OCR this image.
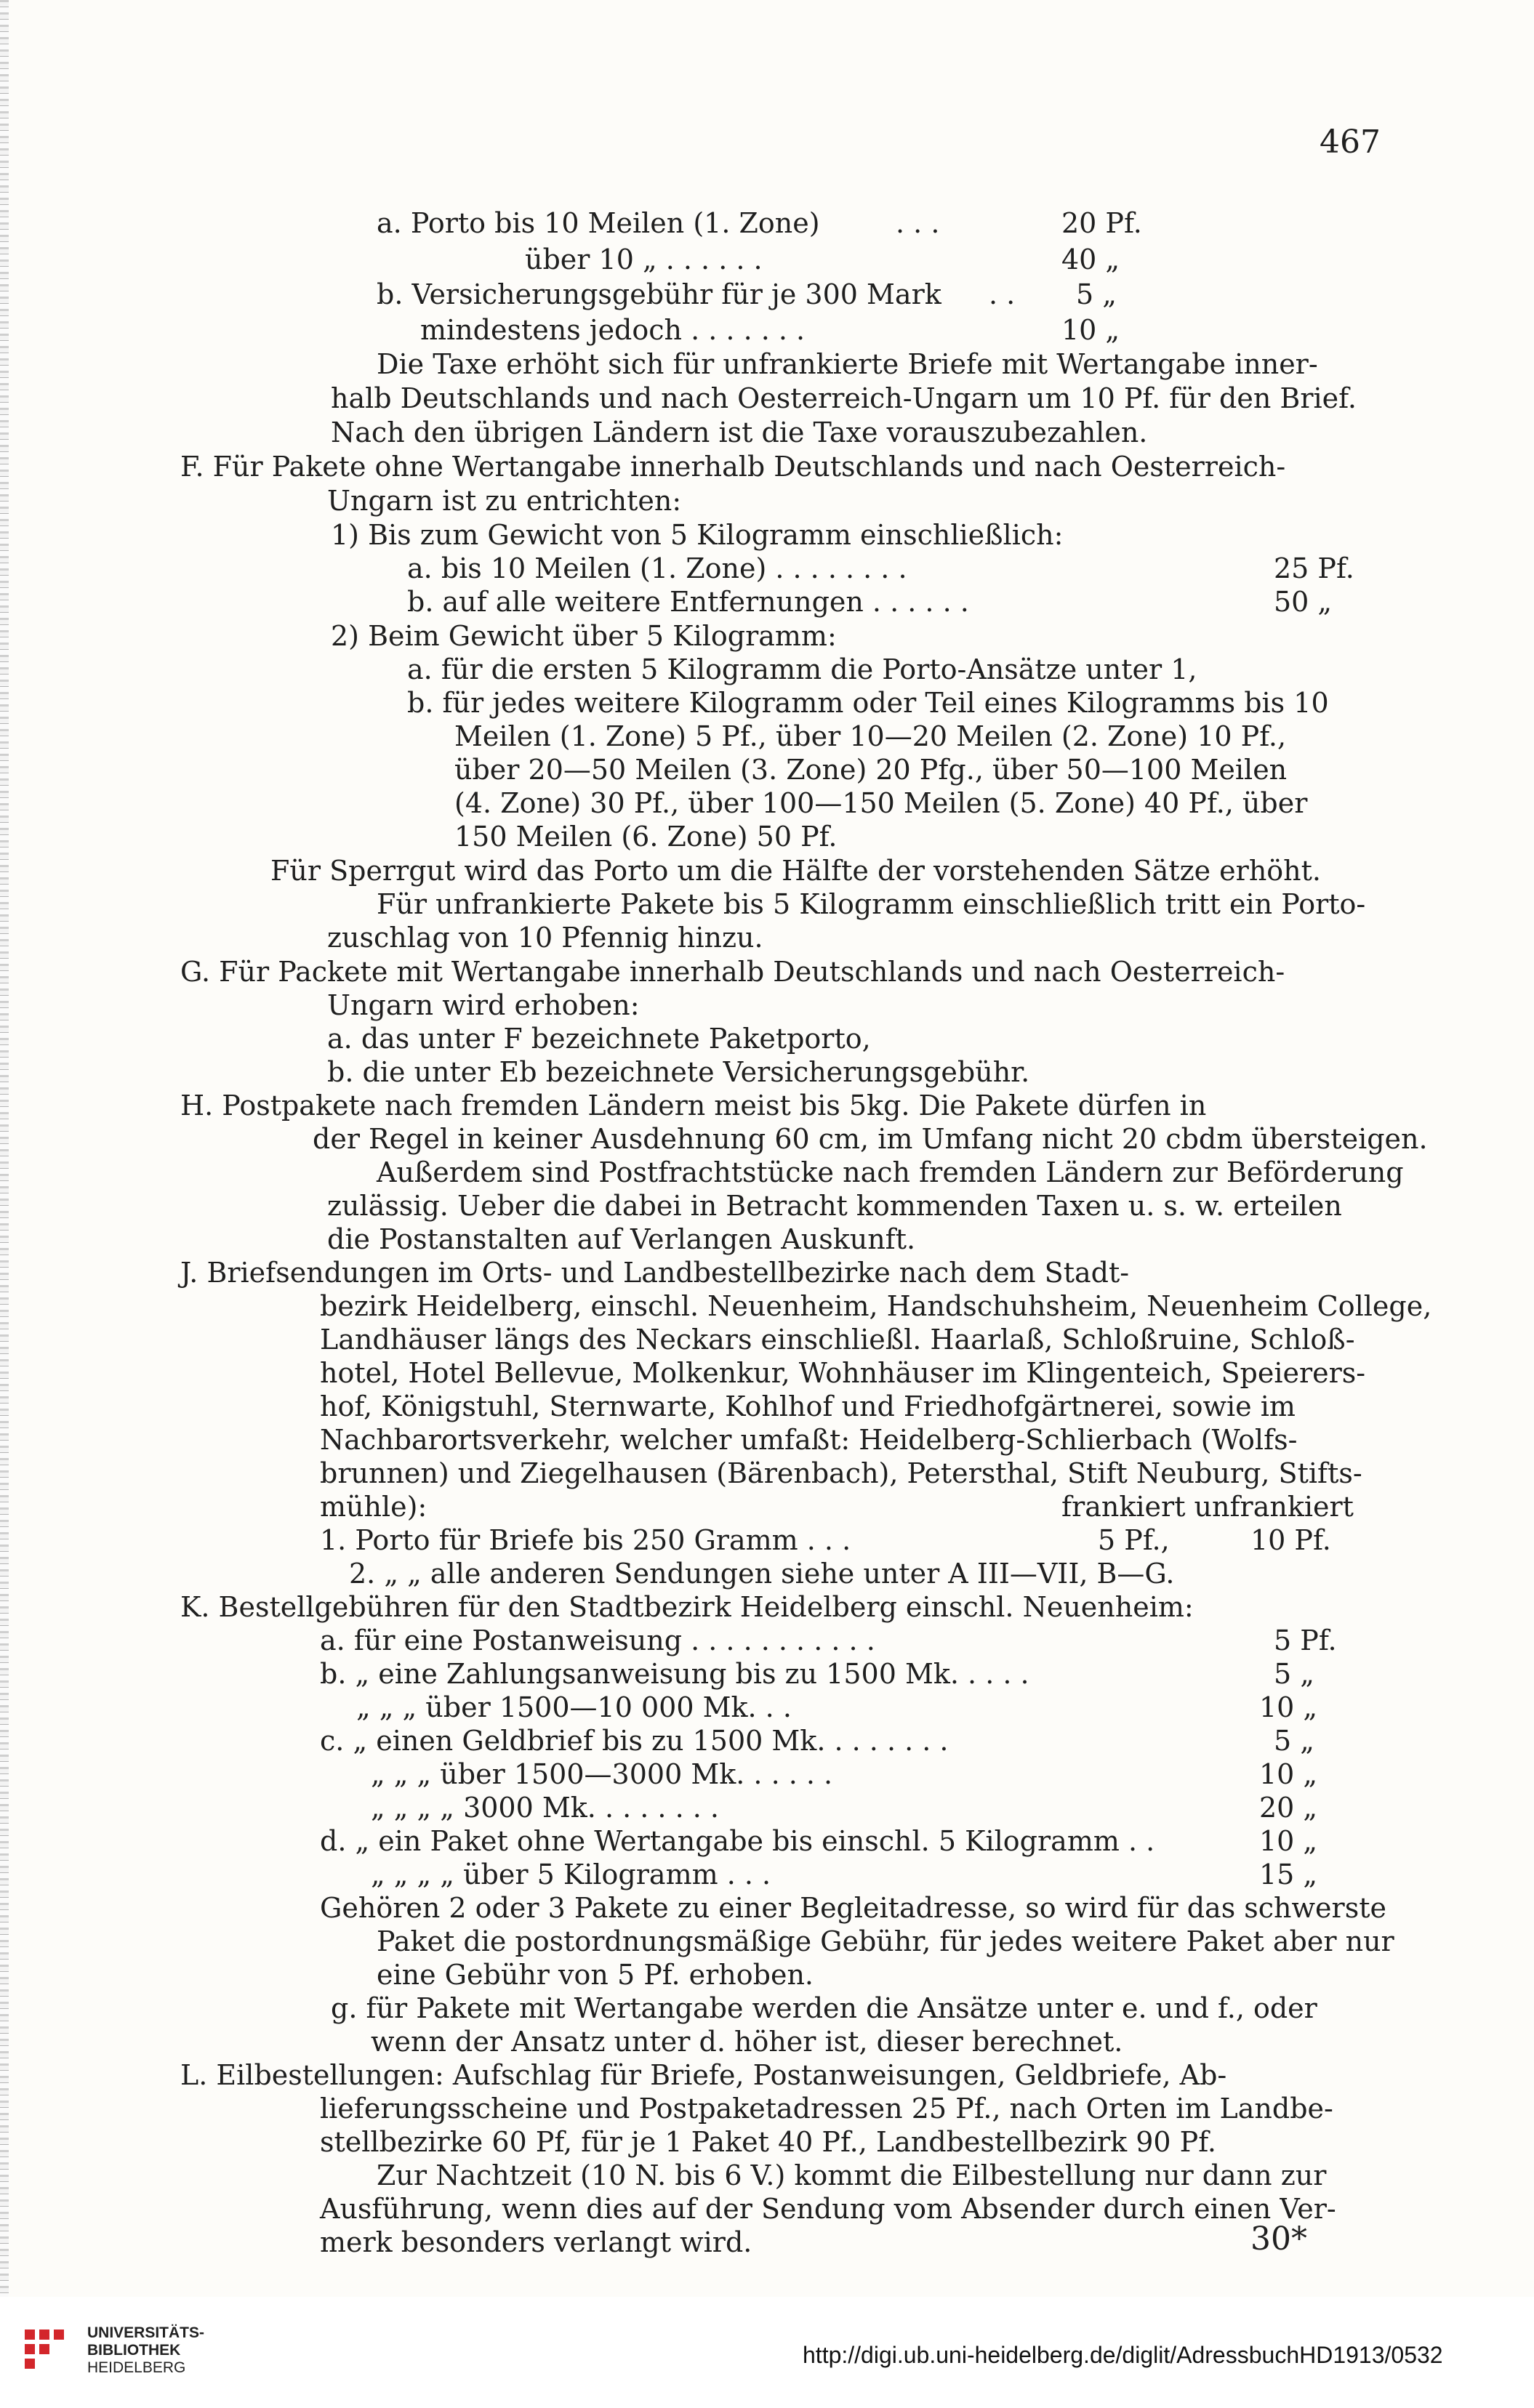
467
a. Porto bis 10 Meilen (1. Zone)	. . .	20 Pf.
über 10 „ . . . . . .	40 „
b. Versicherungsgebühr für je 300 Mark . . 5 „
mindestens jedoch . . . . . . .	10 „
Die Taxe erhöht sich für unfrankierte Briefe mit Wertangabe inner-
halb Deutschlands und nach Oesterreich-Ungarn um 10 Pf. für den Brief.
Nach den übrigen Ländern ist die Taxe vorauszubezahlen.
F. Für Pakete ohne Wertangabe innerhalb Deutschlands und nach Oesterreich-
Ungarn ist zu entrichten:
1) Bis zum Gewicht von 5 Kilogramm einschließlich:
a. bis 10 Meilen (1. Zone) . . . . . . . .	25 Pf.
b. auf alle weitere Entfernungen . . . . . .	50 „
2) Beim Gewicht über 5 Kilogramm:
a. für die ersten 5 Kilogramm die Porto-Ansätze unter 1,
b. für jedes weitere Kilogramm oder Teil eines Kilogramms bis 10
Meilen (1. Zone) 5 Pf., über 10—20 Meilen (2. Zone) 10 Pf.,
über 20—50 Meilen (3. Zone) 20 Pfg., über 50—100 Meilen
(4. Zone) 30 Pf., über 100—150 Meilen (5. Zone) 40 Pf., über
150 Meilen (6. Zone) 50 Pf.
Für Sperrgut wird das Porto um die Hälfte der vorstehenden Sätze erhöht.
Für unfrankierte Pakete bis 5 Kilogramm einschließlich tritt ein Porto-
zuschlag von 10 Pfennig hinzu.
G. Für Packete mit Wertangabe innerhalb Deutschlands und nach Oesterreich-
Ungarn wird erhoben:
a. das unter F bezeichnete Paketporto,
b. die unter Eb bezeichnete Versicherungsgebühr.
H. Postpakete nach fremden Ländern meist bis 5kg. Die Pakete dürfen in
der Regel in keiner Ausdehnung 60 cm, im Umfang nicht 20 cbdm übersteigen.
Außerdem sind Postfrachtstücke nach fremden Ländern zur Beförderung
zulässig. Ueber die dabei in Betracht kommenden Taxen u. s. w. erteilen
die Postanstalten auf Verlangen Auskunft.
J. Briefsendungen im Orts- und Landbestellbezirke nach dem Stadt-
bezirk Heidelberg, einschl. Neuenheim, Handschuhsheim, Neuenheim College,
Landhäuser längs des Neckars einschließl. Haarlaß, Schloßruine, Schloß-
hotel, Hotel Bellevue, Molkenkur, Wohnhäuser im Klingenteich, Speierers-
hof, Königstuhl, Sternwarte, Kohlhof und Friedhofgärtnerei, sowie im
Nachbarortsverkehr, welcher umfaßt: Heidelberg-Schlierbach (Wolfs-
brunnen) und Ziegelhausen (Bärenbach), Petersthal, Stift Neuburg, Stifts-
mühle):	frankiert unfrankiert
1. Porto für Briefe bis 250 Gramm . . .	5 Pf.,	10 Pf.
2. „ „ alle anderen Sendungen siehe unter A III—VII, B—G.
K. Bestellgebühren für den Stadtbezirk Heidelberg einschl. Neuenheim:
a. für eine Postanweisung . . . . . . . . . . .	5 Pf.
b. „ eine Zahlungsanweisung bis zu 1500 Mk. . . . .	5 „
„ „ „ über 1500—10 000 Mk. . .	10 „
c. „ einen Geldbrief bis zu 1500 Mk. . . . . . . .	5 „
„ „ „ über 1500—3000 Mk. . . . . .	10 „
„ „ „ „ 3000 Mk. . . . . . . .	20 „
d. „ ein Paket ohne Wertangabe bis einschl. 5 Kilogramm . .	10 „
„ „ „ „ über 5 Kilogramm . . .	15 „
Gehören 2 oder 3 Pakete zu einer Begleitadresse, so wird für das schwerste
Paket die postordnungsmäßige Gebühr, für jedes weitere Paket aber nur
eine Gebühr von 5 Pf. erhoben.
g. für Pakete mit Wertangabe werden die Ansätze unter e. und f., oder
wenn der Ansatz unter d. höher ist, dieser berechnet.
L. Eilbestellungen: Aufschlag für Briefe, Postanweisungen, Geldbriefe, Ab-
lieferungsscheine und Postpaketadressen 25 Pf., nach Orten im Landbe-
stellbezirke 60 Pf, für je 1 Paket 40 Pf., Landbestellbezirk 90 Pf.
Zur Nachtzeit (10 N. bis 6 V.) kommt die Eilbestellung nur dann zur
Ausführung, wenn dies auf der Sendung vom Absender durch einen Ver-
merk besonders verlangt wird.	30*
UNIVERSITÄTS-
BIBLIOTHEK
HEIDELBERG	http://digi.ub.uni-heidelberg.de/diglit/AdressbuchHD1913/0532
